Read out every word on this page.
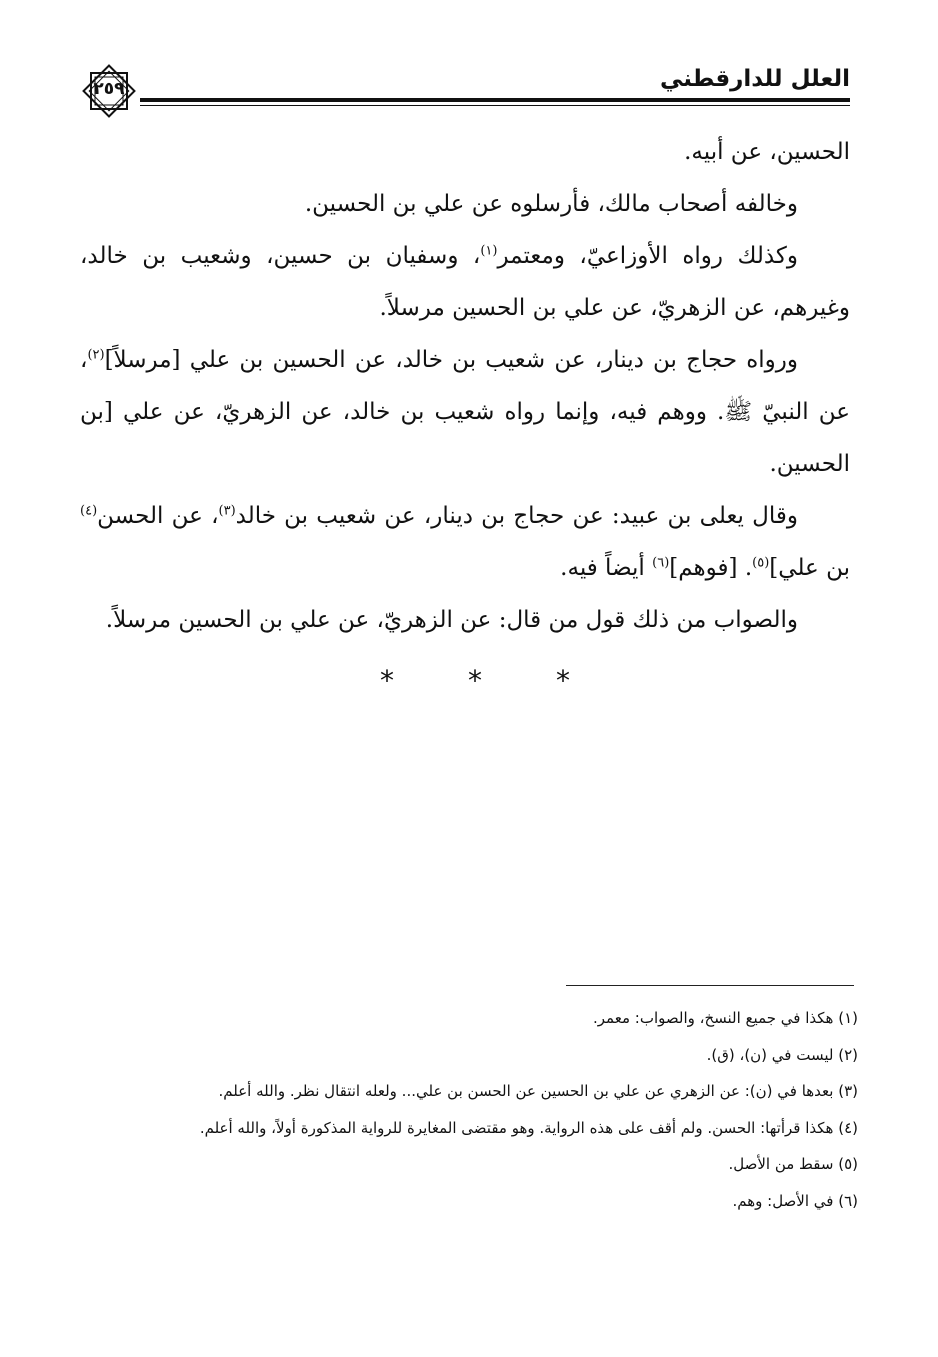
٢٥٩	العلل للدارقطني

الحسين، عن أبيه.

وخالفه أصحاب مالك، فأرسلوه عن علي بن الحسين.

وكذلك رواه الأوزاعيّ، ومعتمر$^{(١)}$، وسفيان بن حسين، وشعيب بن خالد، وغيرهم، عن الزهريّ، عن علي بن الحسين مرسلاً.

ورواه حجاج بن دينار، عن شعيب بن خالد، عن الحسين بن علي [مرسلاً]$^{(٢)}$، عن النبيّ ﷺ. ووهم فيه، وإنما رواه شعيب بن خالد، عن الزهريّ، عن علي [بن الحسين.

وقال يعلى بن عبيد: عن حجاج بن دينار، عن شعيب بن خالد$^{(٣)}$، عن الحسن$^{(٤)}$ بن علي]$^{(٥)}$. [فوهم]$^{(٦)}$ أيضاً فيه.

والصواب من ذلك قول من قال: عن الزهريّ، عن علي بن الحسين مرسلاً.

*	*	*
(١) هكذا في جميع النسخ، والصواب: معمر.
(٢) ليست في (ن)، (ق).
(٣) بعدها في (ن): عن الزهري عن علي بن الحسين عن الحسن بن علي... ولعله انتقال نظر. والله أعلم.
(٤) هكذا قرأتها: الحسن. ولم أقف على هذه الرواية. وهو مقتضى المغايرة للرواية المذكورة أولاً، والله أعلم.
(٥) سقط من الأصل.
(٦) في الأصل: وهم.
